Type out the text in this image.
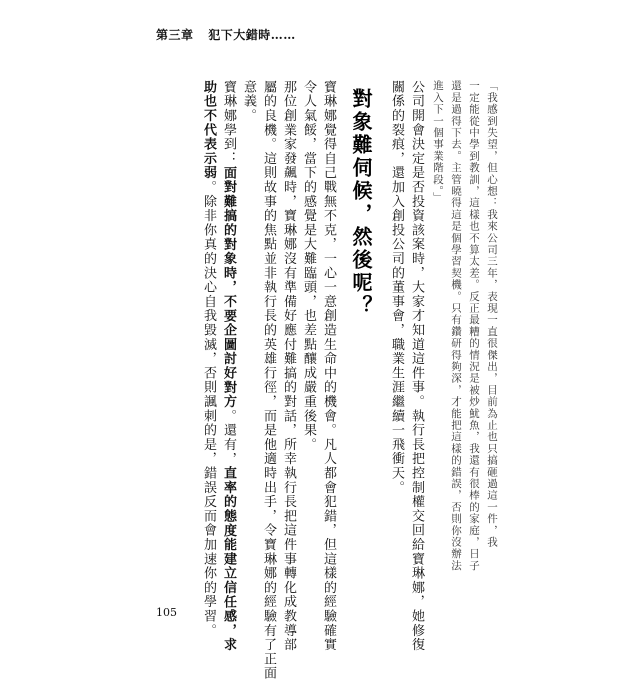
第三章 犯下大錯時……
「我感到失望，但心想：我來公司三年，表現一直很傑出，目前為止也只搞砸過這一件，我
一定能從中學到教訓，這樣也不算太差。反正最糟的情況是被炒魷魚，我還有很棒的家庭，日子
還是過得下去。主管曉得這是個學習契機。只有鑽研得夠深，才能把這樣的錯誤，否則你沒辦法
進入下一個事業階段。」
公司開會決定是否投資該案時，大家才知道這件事。執行長把控制權交回給寶琳娜，她修復
關係的裂痕，還加入創投公司的董事會，職業生涯繼續一飛衝天。
對象難伺候，然後呢？
寶琳娜覺得自己戰無不克，一心一意創造生命中的機會。凡人都會犯錯，但這樣的經驗確實
令人氣餒，當下的感覺是大難臨頭，也差點釀成嚴重後果。
那位創業家發飆時，寶琳娜沒有準備好應付難搞的對話，所幸執行長把這件事轉化成教導部
屬的良機。這則故事的焦點並非執行長的英雄行徑，而是他適時出手，令寶琳娜的經驗有了正面
意義。
寶琳娜學到：面對難搞的對象時，不要企圖討好對方。還有，直率的態度能建立信任感，求
助也不代表示弱。除非你真的決心自我毀滅，否則諷刺的是，錯誤反而會加速你的學習。
105
